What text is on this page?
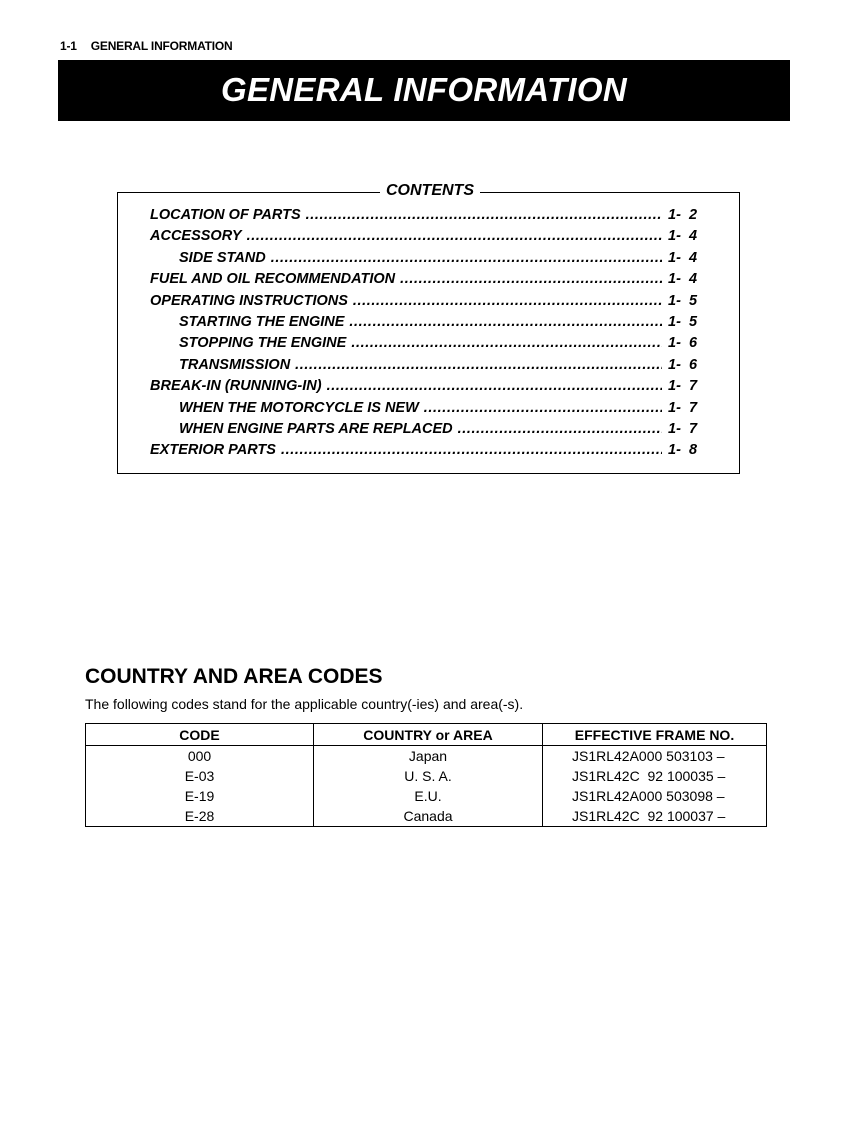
1-1 GENERAL INFORMATION
GENERAL INFORMATION
CONTENTS
LOCATION OF PARTS .....	1-  2
ACCESSORY .....	1-  4
SIDE STAND .....	1-  4
FUEL AND OIL RECOMMENDATION .....	1-  4
OPERATING INSTRUCTIONS .....	1-  5
STARTING THE ENGINE .....	1-  5
STOPPING THE ENGINE .....	1-  6
TRANSMISSION .....	1-  6
BREAK-IN (RUNNING-IN) .....	1-  7
WHEN THE MOTORCYCLE IS NEW .....	1-  7
WHEN ENGINE PARTS ARE REPLACED .....	1-  7
EXTERIOR PARTS .....	1-  8
COUNTRY AND AREA CODES
The following codes stand for the applicable country(-ies) and area(-s).
CODE	COUNTRY or AREA	EFFECTIVE FRAME NO.
000	Japan	JS1RL42A000 503103 –
E-03	U. S. A.	JS1RL42C  92 100035 –
E-19	E.U.	JS1RL42A000 503098 –
E-28	Canada	JS1RL42C  92 100037 –
